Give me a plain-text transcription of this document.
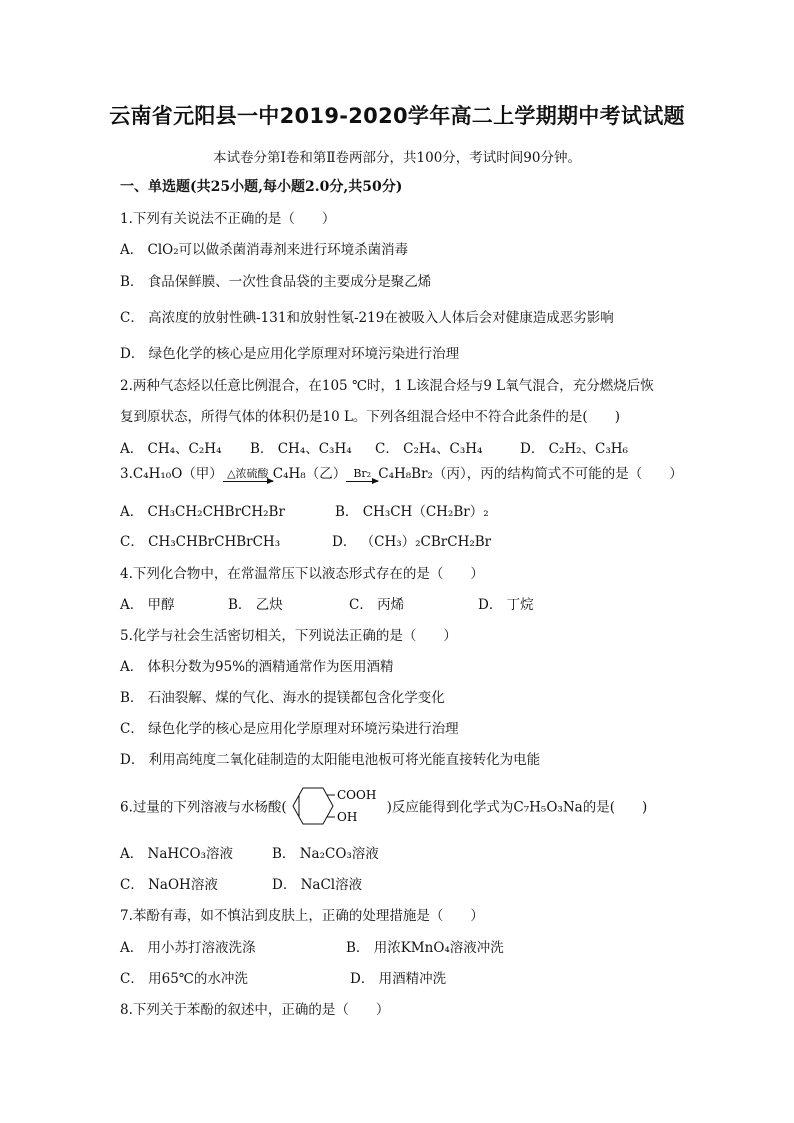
云南省元阳县一中2019-2020学年高二上学期期中考试试题
本试卷分第Ⅰ卷和第Ⅱ卷两部分，共100分，考试时间90分钟。
一、单选题(共25小题,每小题2.0分,共50分)
1.下列有关说法不正确的是（　　）
A． ClO₂可以做杀菌消毒剂来进行环境杀菌消毒
B． 食品保鲜膜、一次性食品袋的主要成分是聚乙烯
C． 高浓度的放射性碘-131和放射性氡-219在被吸入人体后会对健康造成恶劣影响
D． 绿色化学的核心是应用化学原理对环境污染进行治理
2.两种气态烃以任意比例混合，在105 ℃时，1 L该混合烃与9 L氧气混合，充分燃烧后恢
复到原状态，所得气体的体积仍是10 L。下列各组混合烃中不符合此条件的是(　　)
A． CH₄、C₂H₄ B． CH₄、C₃H₄ C． C₂H₄、C₃H₄	D． C₂H₂、C₃H₆
3.C₄H₁₀O（甲） △浓硫酸 C₄H₈（乙） Br₂ C₄H₈Br₂（丙），丙的结构简式不可能的是（　　）
A． CH₃CH₂CHBrCH₂Br	B． CH₃CH（CH₂Br）₂
C． CH₃CHBrCHBrCH₃	D． （CH₃）₂CBrCH₂Br
4.下列化合物中，在常温常压下以液态形式存在的是（　　）
A． 甲醇	B． 乙炔	C． 丙烯	D． 丁烷
5.化学与社会生活密切相关，下列说法正确的是（　　）
A． 体积分数为95%的酒精通常作为医用酒精
B． 石油裂解、煤的气化、海水的提镁都包含化学变化
C． 绿色化学的核心是应用化学原理对环境污染进行治理
D． 利用高纯度二氧化硅制造的太阳能电池板可将光能直接转化为电能
6.过量的下列溶液与水杨酸(
COOH
OH
)反应能得到化学式为C₇H₅O₃Na的是(　　)
A． NaHCO₃溶液	B． Na₂CO₃溶液
C． NaOH溶液	D． NaCl溶液
7.苯酚有毒，如不慎沾到皮肤上，正确的处理措施是（　　）
A． 用小苏打溶液洗涤	B． 用浓KMnO₄溶液冲洗
C． 用65℃的水冲洗	D． 用酒精冲洗
8.下列关于苯酚的叙述中，正确的是（　　）
